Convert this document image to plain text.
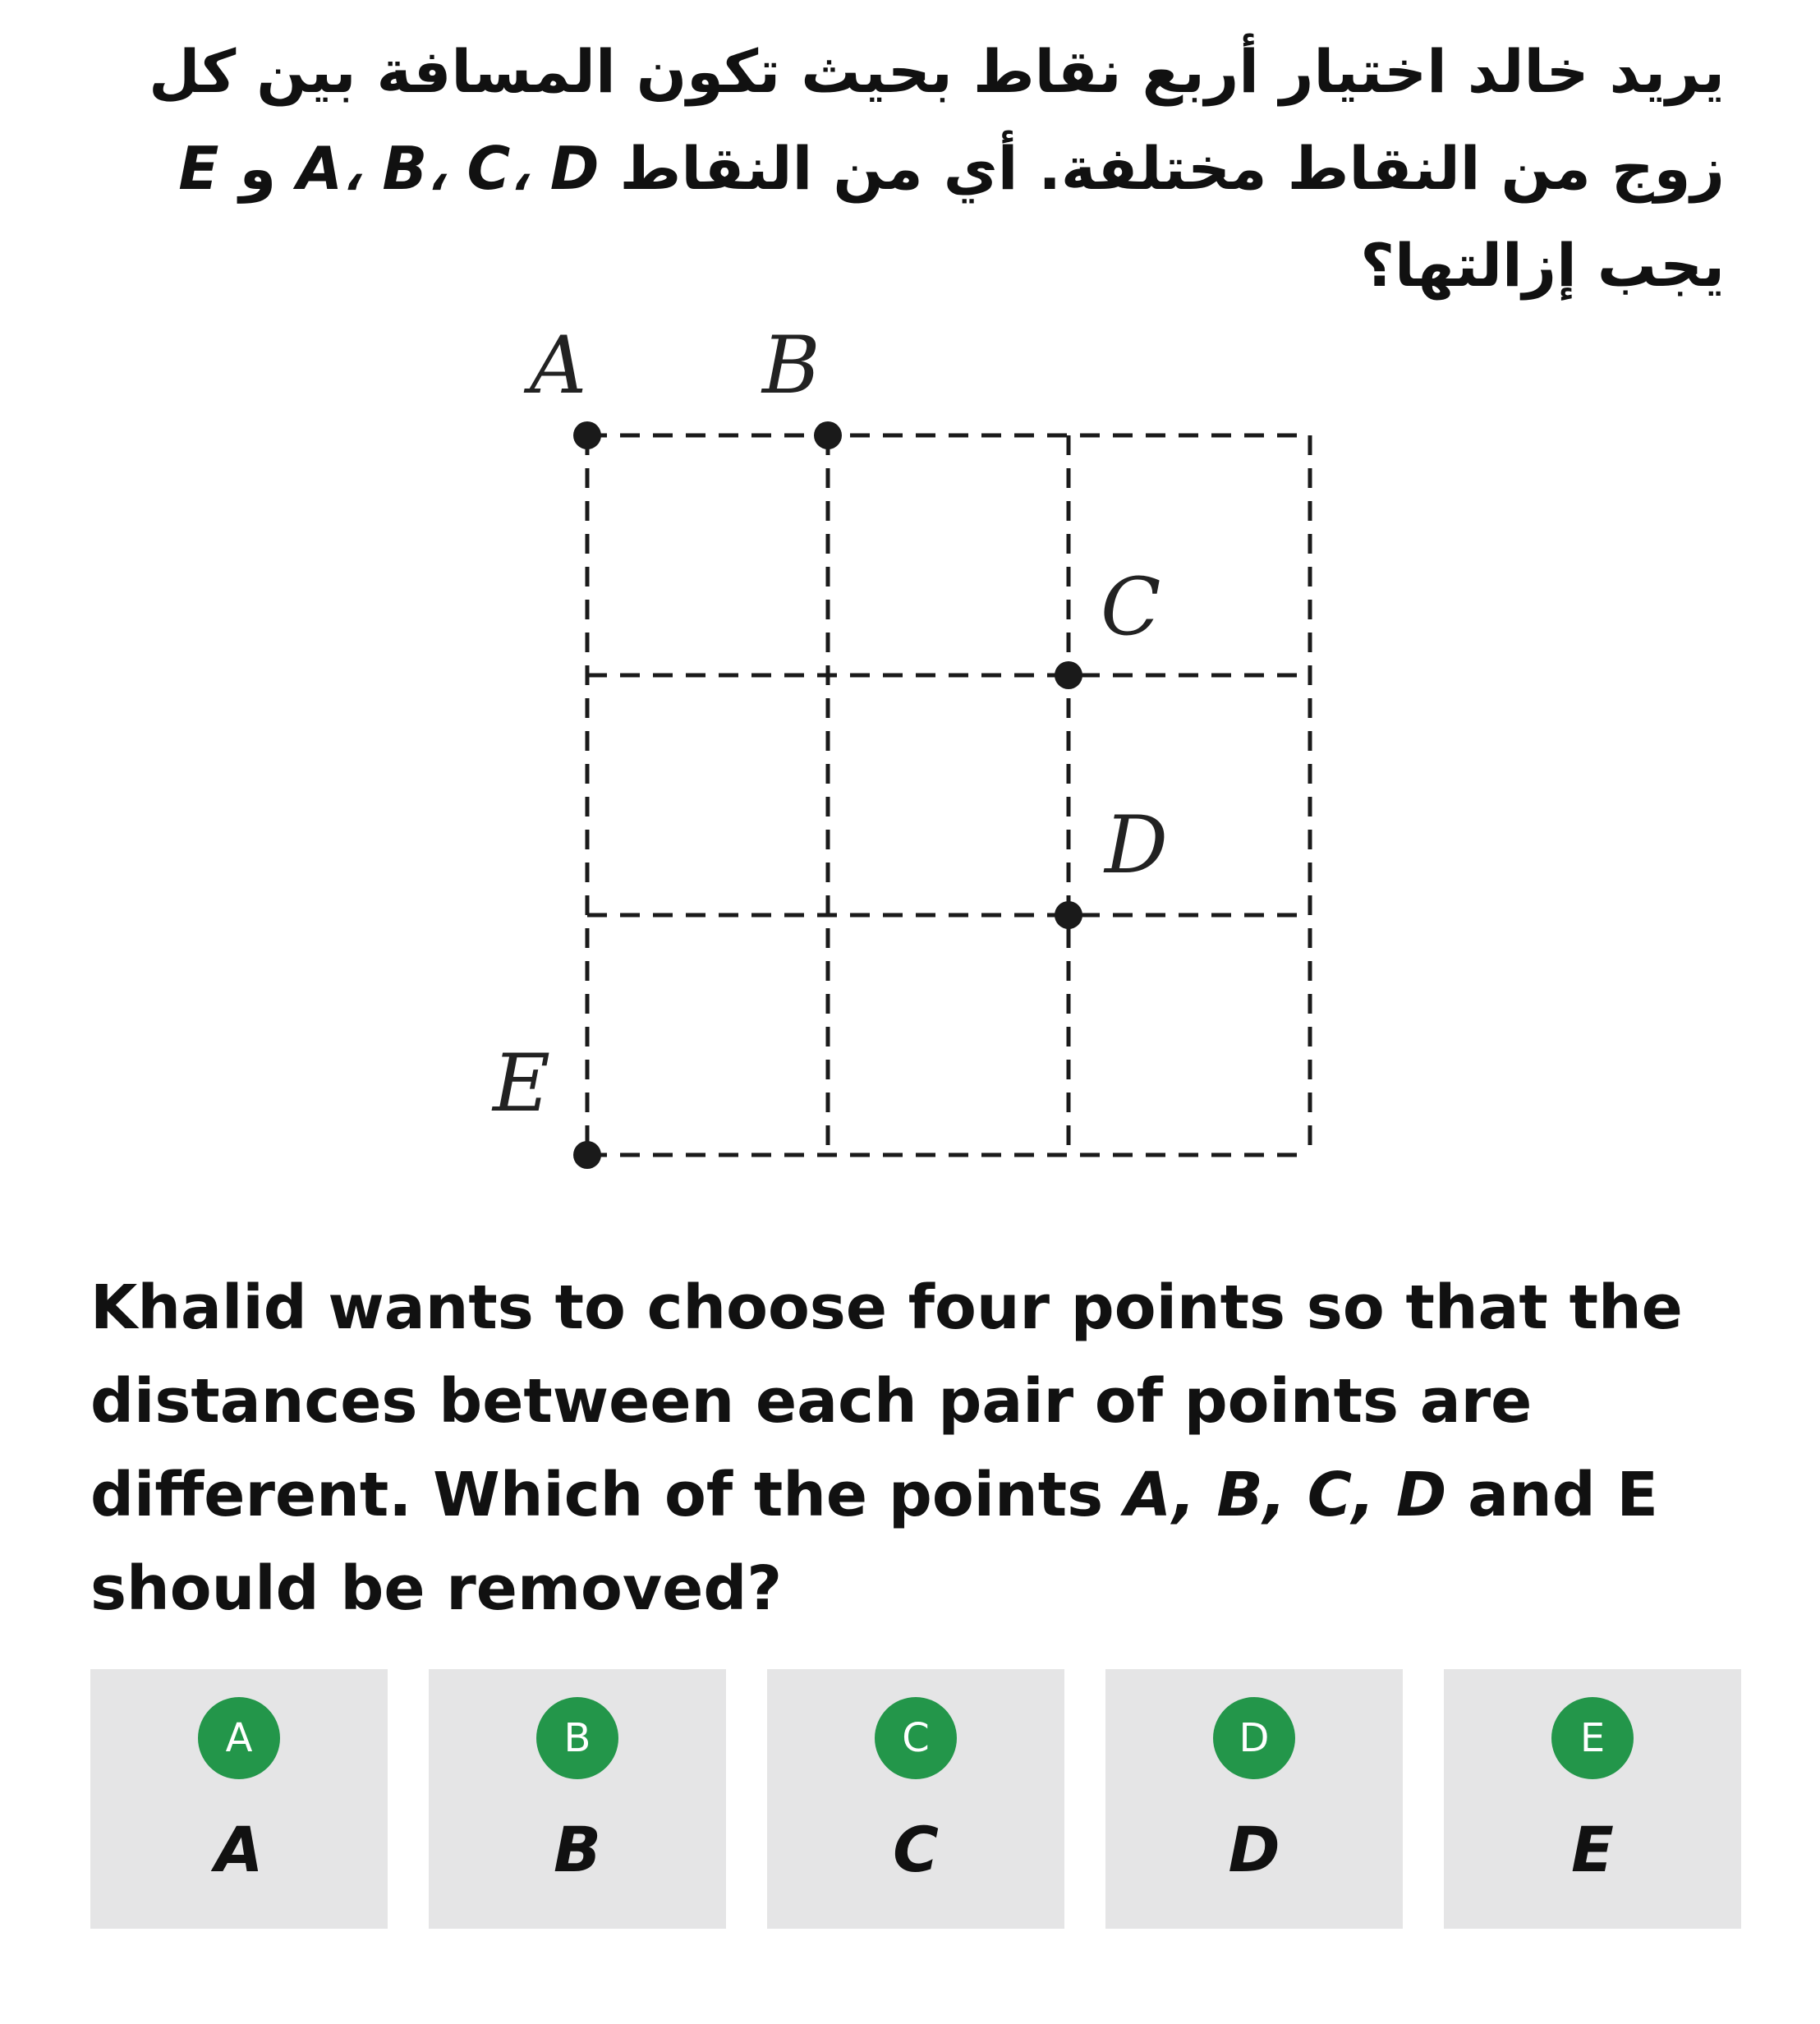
يريد خالد اختيار أربع نقاط بحيث تكون المسافة بين كل زوج من النقاط مختلفة. أي من النقاط A، B، C، D و E يجب إزالتها؟
A B
C
D
E
Khalid wants to choose four points so that the distances between each pair of points are different. Which of the points A, B, C, D and E should be removed?
A
A
B
B
C
C
D
D
E
E
